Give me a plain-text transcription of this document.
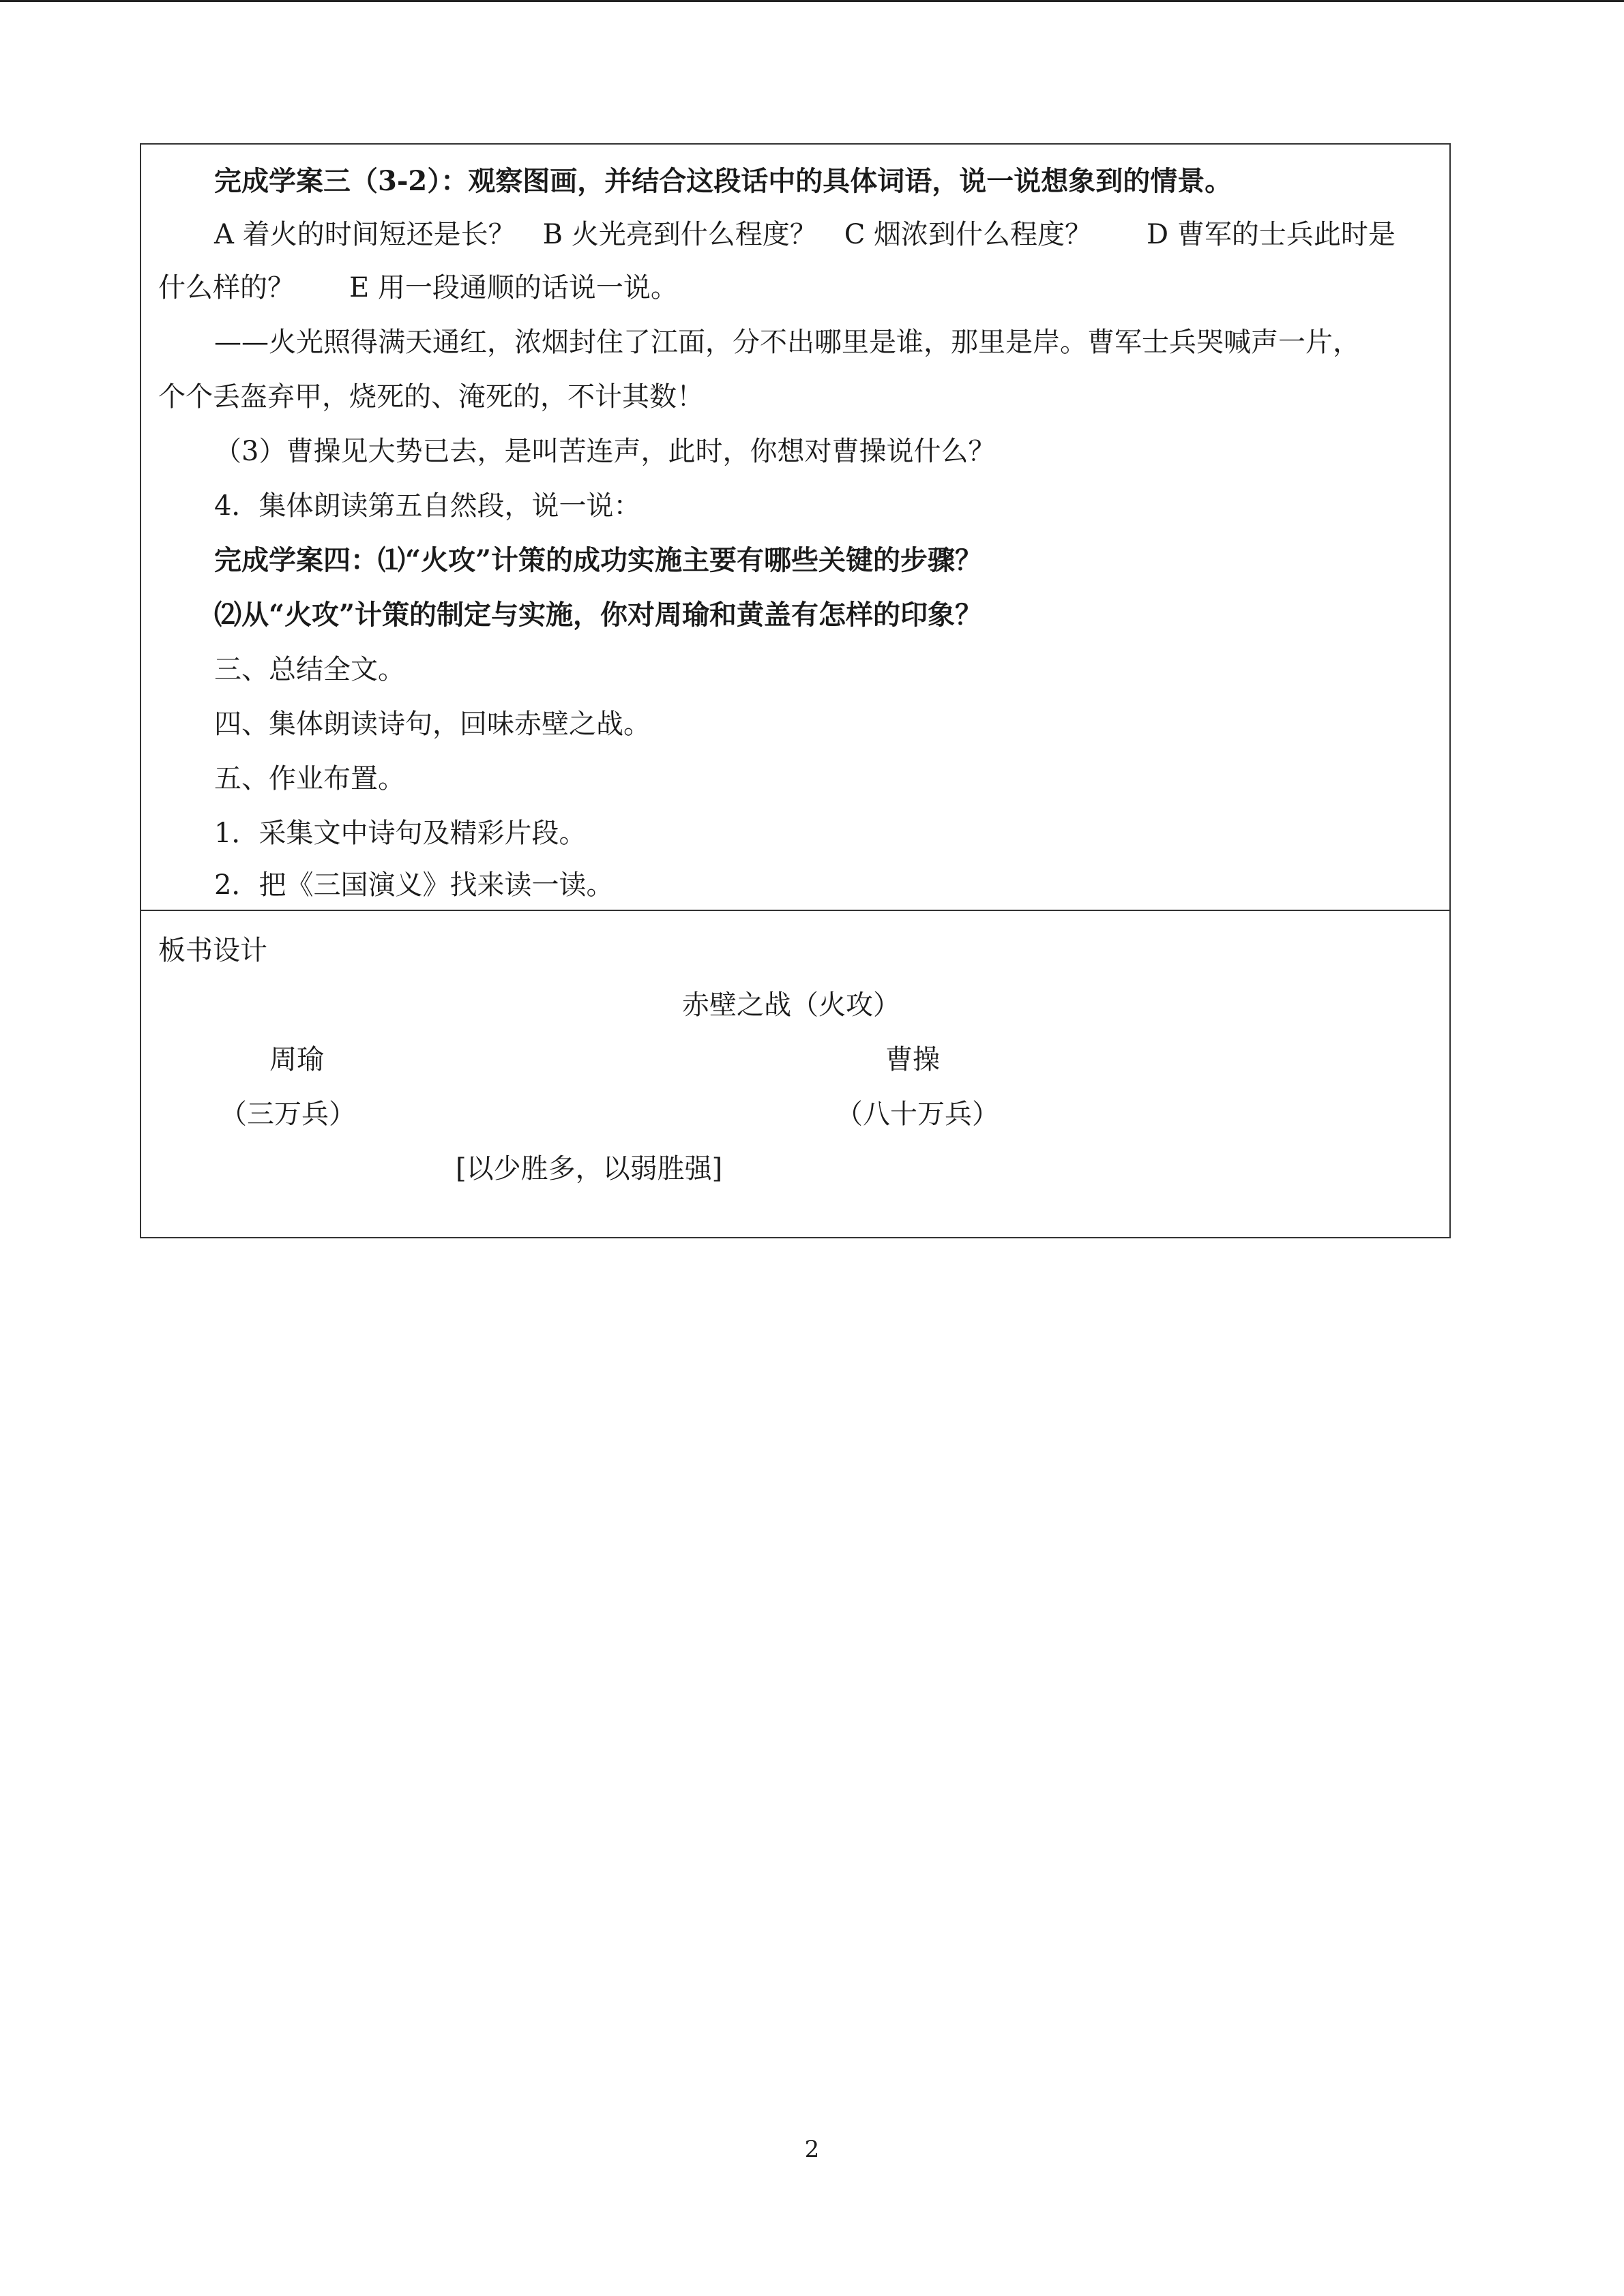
完成学案三（3-2）：观察图画，并结合这段话中的具体词语，说一说想象到的情景。
A 着火的时间短还是长？　B 火光亮到什么程度？　C 烟浓到什么程度？　　D 曹军的士兵此时是
什么样的？　　E 用一段通顺的话说一说。
——火光照得满天通红，浓烟封住了江面，分不出哪里是谁，那里是岸。曹军士兵哭喊声一片，
个个丢盔弃甲，烧死的、淹死的，不计其数！
（3）曹操见大势已去，是叫苦连声，此时，你想对曹操说什么？
4．集体朗读第五自然段，说一说：
完成学案四：⑴“火攻”计策的成功实施主要有哪些关键的步骤？
⑵从“火攻”计策的制定与实施，你对周瑜和黄盖有怎样的印象？
三、总结全文。
四、集体朗读诗句，回味赤壁之战。
五、作业布置。
1．采集文中诗句及精彩片段。
2．把《三国演义》找来读一读。
板书设计
赤壁之战（火攻）
周瑜	曹操
（三万兵）	（八十万兵）
[以少胜多，以弱胜强]
2
